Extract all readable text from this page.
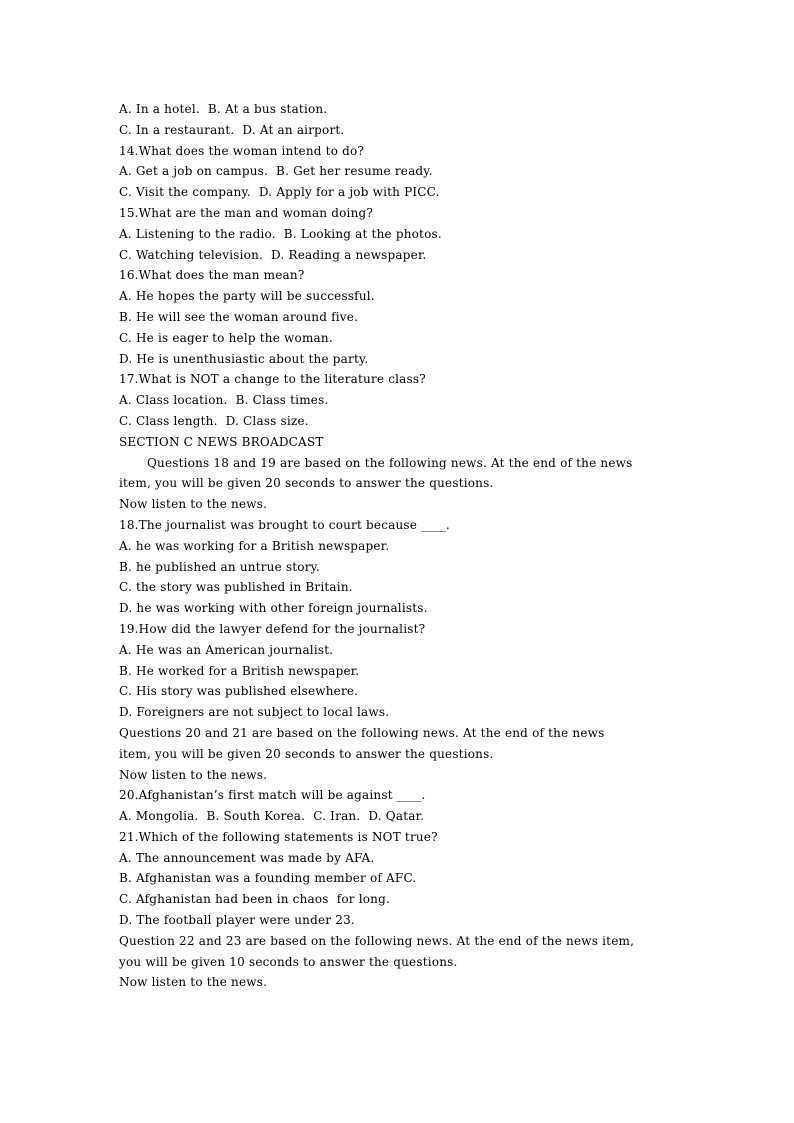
A. In a hotel.  B. At a bus station.
C. In a restaurant.  D. At an airport.
14.What does the woman intend to do?
A. Get a job on campus.  B. Get her resume ready.
C. Visit the company.  D. Apply for a job with PICC.
15.What are the man and woman doing?
A. Listening to the radio.  B. Looking at the photos.
C. Watching television.  D. Reading a newspaper.
16.What does the man mean?
A. He hopes the party will be successful.
B. He will see the woman around five.
C. He is eager to help the woman.
D. He is unenthusiastic about the party.
17.What is NOT a change to the literature class?
A. Class location.  B. Class times.
C. Class length.  D. Class size.
SECTION C NEWS BROADCAST
Questions 18 and 19 are based on the following news. At the end of the news
item, you will be given 20 seconds to answer the questions.
Now listen to the news.
18.The journalist was brought to court because ____.
A. he was working for a British newspaper.
B. he published an untrue story.
C. the story was published in Britain.
D. he was working with other foreign journalists.
19.How did the lawyer defend for the journalist?
A. He was an American journalist.
B. He worked for a British newspaper.
C. His story was published elsewhere.
D. Foreigners are not subject to local laws.
Questions 20 and 21 are based on the following news. At the end of the news
item, you will be given 20 seconds to answer the questions.
Now listen to the news.
20.Afghanistan’s first match will be against ____.
A. Mongolia.  B. South Korea.  C. Iran.  D. Qatar.
21.Which of the following statements is NOT true?
A. The announcement was made by AFA.
B. Afghanistan was a founding member of AFC.
C. Afghanistan had been in chaos  for long.
D. The football player were under 23.
Question 22 and 23 are based on the following news. At the end of the news item,
you will be given 10 seconds to answer the questions.
Now listen to the news.
